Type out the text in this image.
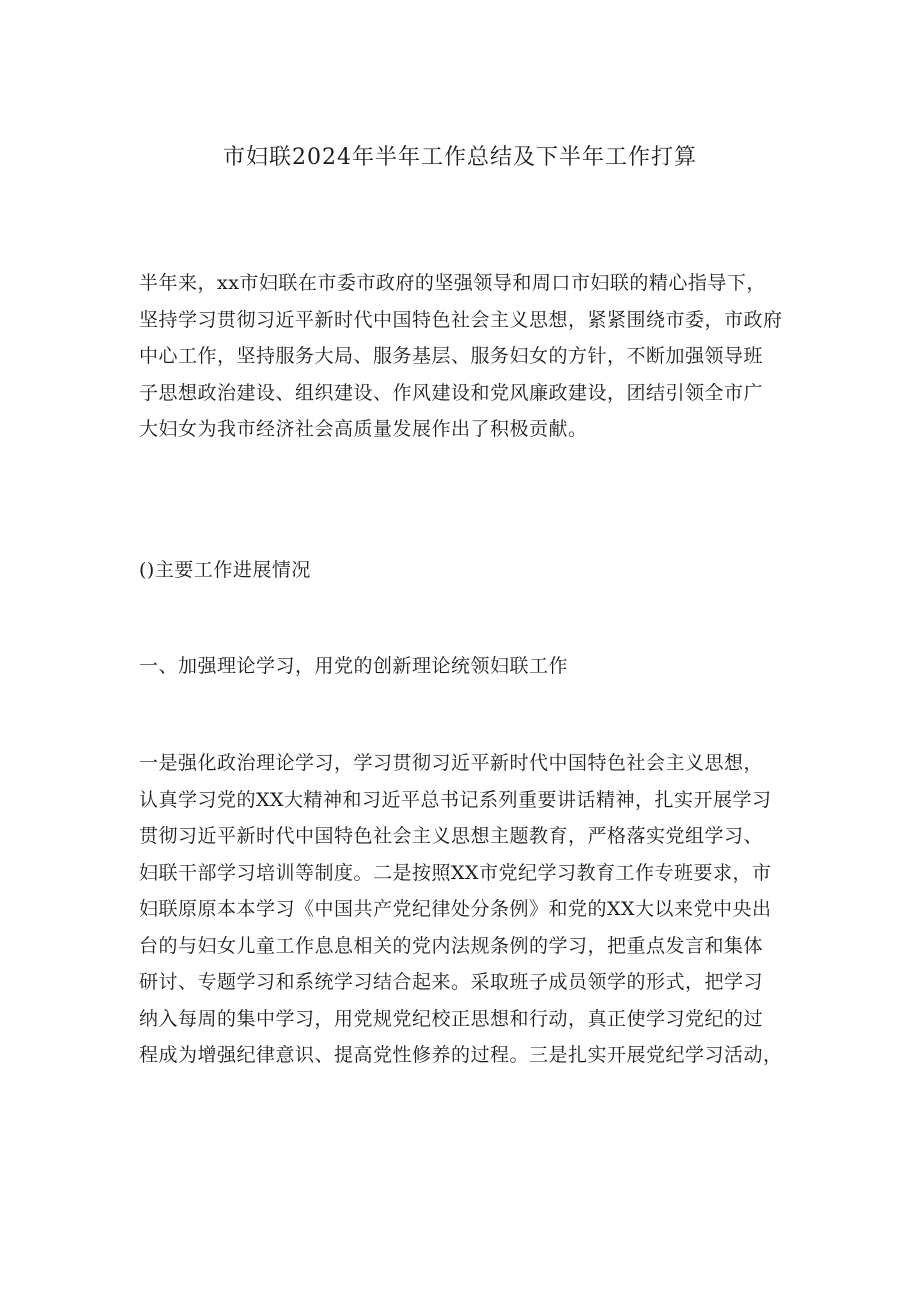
市妇联2024年半年工作总结及下半年工作打算
半年来，xx市妇联在市委市政府的坚强领导和周口市妇联的精心指导下，
坚持学习贯彻习近平新时代中国特色社会主义思想，紧紧围绕市委，市政府
中心工作，坚持服务大局、服务基层、服务妇女的方针，不断加强领导班
子思想政治建设、组织建设、作风建设和党风廉政建设，团结引领全市广
大妇女为我市经济社会高质量发展作出了积极贡献。
()主要工作进展情况
一、加强理论学习，用党的创新理论统领妇联工作
一是强化政治理论学习，学习贯彻习近平新时代中国特色社会主义思想，
认真学习党的XX大精神和习近平总书记系列重要讲话精神，扎实开展学习
贯彻习近平新时代中国特色社会主义思想主题教育，严格落实党组学习、
妇联干部学习培训等制度。二是按照XX市党纪学习教育工作专班要求，市
妇联原原本本学习《中国共产党纪律处分条例》和党的XX大以来党中央出
台的与妇女儿童工作息息相关的党内法规条例的学习，把重点发言和集体
研讨、专题学习和系统学习结合起来。采取班子成员领学的形式，把学习
纳入每周的集中学习，用党规党纪校正思想和行动，真正使学习党纪的过
程成为增强纪律意识、提高党性修养的过程。三是扎实开展党纪学习活动，
